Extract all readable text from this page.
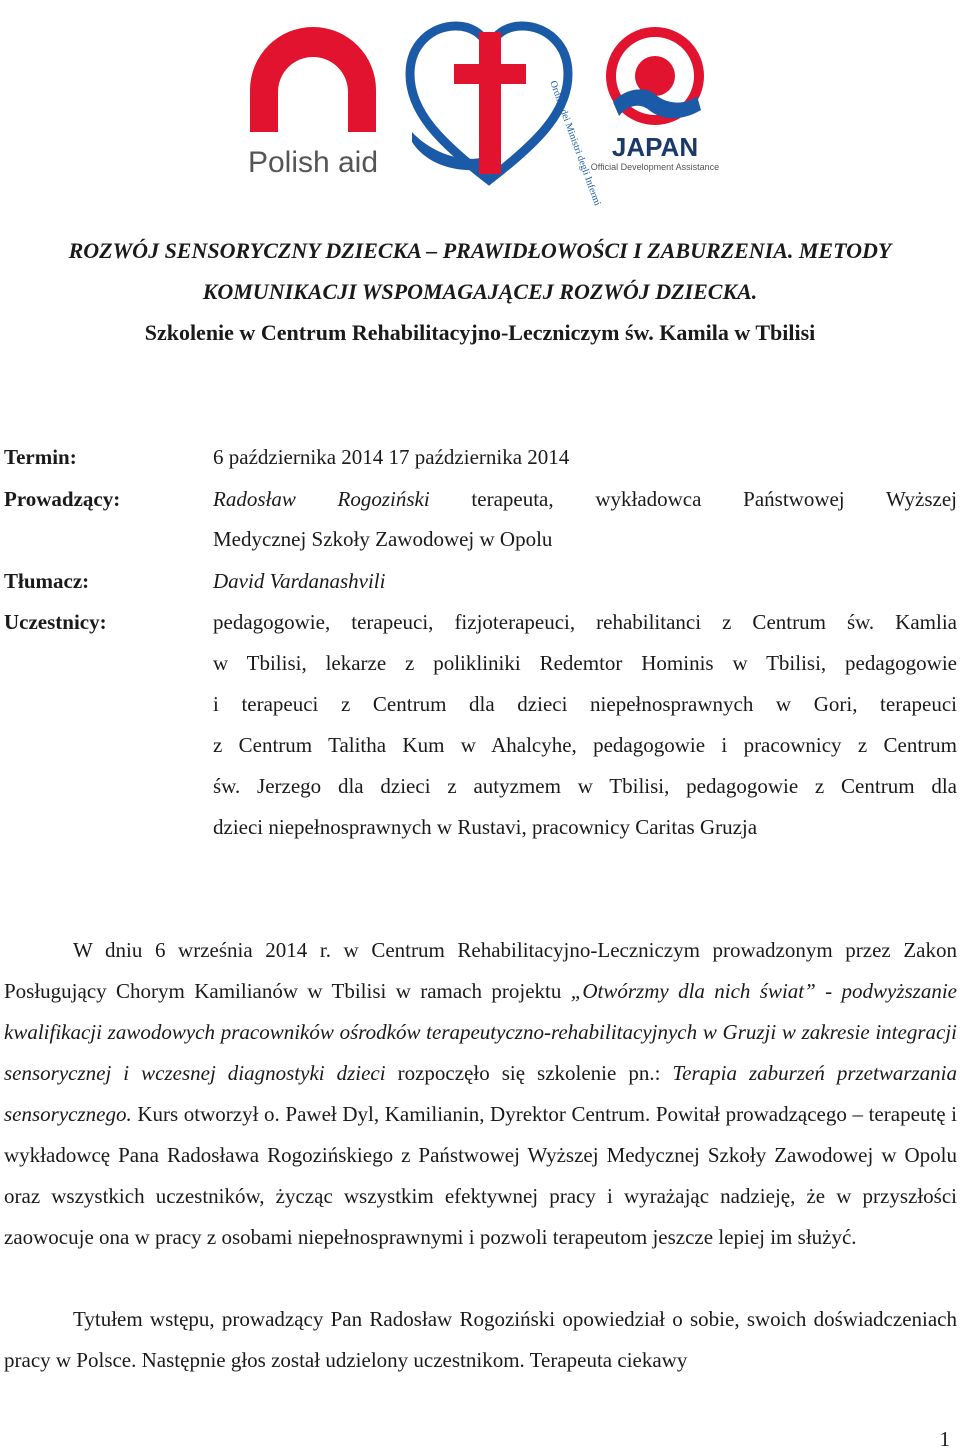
Polish aid	Ordine dei Ministri degli Infermi JAPAN
Official Development Assistance
ROZWÓJ SENSORYCZNY DZIECKA – PRAWIDŁOWOŚCI I ZABURZENIA. METODY
KOMUNIKACJI WSPOMAGAJĄCEJ ROZWÓJ DZIECKA.
Szkolenie w Centrum Rehabilitacyjno-Leczniczym św. Kamila w Tbilisi
Termin:	6 października 2014 17 października 2014
Prowadzący:	Radosław Rogoziński terapeuta, wykładowca Państwowej Wyższej
Medycznej Szkoły Zawodowej w Opolu
Tłumacz:	David Vardanashvili
Uczestnicy:	pedagogowie, terapeuci, fizjoterapeuci, rehabilitanci z Centrum św. Kamlia
w Tbilisi, lekarze z polikliniki Redemtor Hominis w Tbilisi, pedagogowie
i terapeuci z Centrum dla dzieci niepełnosprawnych w Gori, terapeuci
z Centrum Talitha Kum w Ahalcyhe, pedagogowie i pracownicy z Centrum
św. Jerzego dla dzieci z autyzmem w Tbilisi, pedagogowie z Centrum dla
dzieci niepełnosprawnych w Rustavi, pracownicy Caritas Gruzja
W dniu 6 września 2014 r. w Centrum Rehabilitacyjno-Leczniczym prowadzonym przez Zakon Posługujący Chorym Kamilianów w Tbilisi w ramach projektu „Otwórzmy dla nich świat” - podwyższanie kwalifikacji zawodowych pracowników ośrodków terapeutyczno-rehabilitacyjnych w Gruzji w zakresie integracji sensorycznej i wczesnej diagnostyki dzieci rozpoczęło się szkolenie pn.: Terapia zaburzeń przetwarzania sensorycznego. Kurs otworzył o. Paweł Dyl, Kamilianin, Dyrektor Centrum. Powitał prowadzącego – terapeutę i wykładowcę Pana Radosława Rogozińskiego z Państwowej Wyższej Medycznej Szkoły Zawodowej w Opolu oraz wszystkich uczestników, życząc wszystkim efektywnej pracy i wyrażając nadzieję, że w przyszłości zaowocuje ona w pracy z osobami niepełnosprawnymi i pozwoli terapeutom jeszcze lepiej im służyć.
Tytułem wstępu, prowadzący Pan Radosław Rogoziński opowiedział o sobie, swoich doświadczeniach pracy w Polsce. Następnie głos został udzielony uczestnikom. Terapeuta ciekawy
1
